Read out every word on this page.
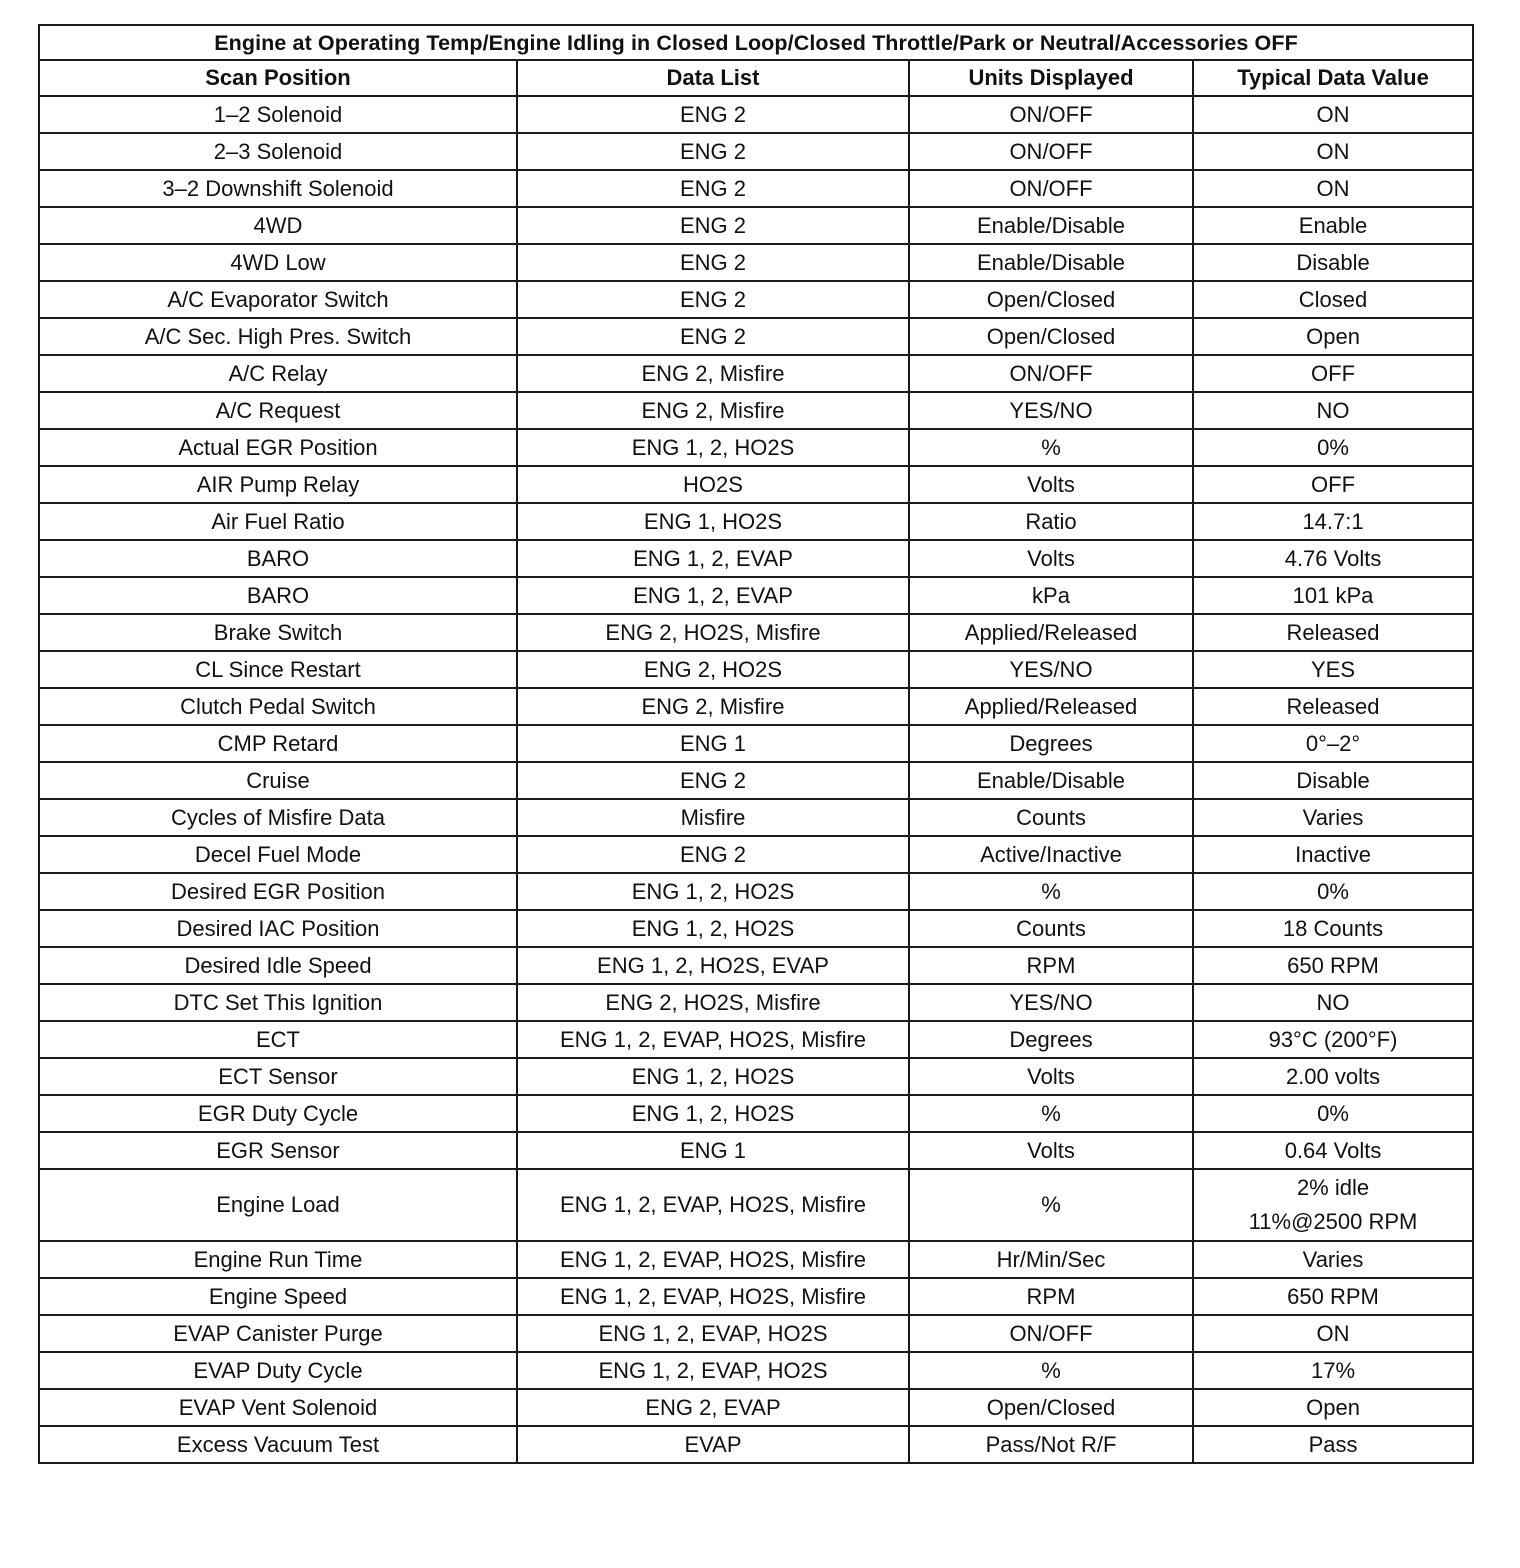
Engine at Operating Temp/Engine Idling in Closed Loop/Closed Throttle/Park or Neutral/Accessories OFF			
Scan Position	Data List	Units Displayed	Typical Data Value
1–2 Solenoid	ENG 2	ON/OFF	ON
2–3 Solenoid	ENG 2	ON/OFF	ON
3–2 Downshift Solenoid	ENG 2	ON/OFF	ON
4WD	ENG 2	Enable/Disable	Enable
4WD Low	ENG 2	Enable/Disable	Disable
A/C Evaporator Switch	ENG 2	Open/Closed	Closed
A/C Sec. High Pres. Switch	ENG 2	Open/Closed	Open
A/C Relay	ENG 2, Misfire	ON/OFF	OFF
A/C Request	ENG 2, Misfire	YES/NO	NO
Actual EGR Position	ENG 1, 2, HO2S	%	0%
AIR Pump Relay	HO2S	Volts	OFF
Air Fuel Ratio	ENG 1, HO2S	Ratio	14.7:1
BARO	ENG 1, 2, EVAP	Volts	4.76 Volts
BARO	ENG 1, 2, EVAP	kPa	101 kPa
Brake Switch	ENG 2, HO2S, Misfire	Applied/Released	Released
CL Since Restart	ENG 2, HO2S	YES/NO	YES
Clutch Pedal Switch	ENG 2, Misfire	Applied/Released	Released
CMP Retard	ENG 1	Degrees	0°–2°
Cruise	ENG 2	Enable/Disable	Disable
Cycles of Misfire Data	Misfire	Counts	Varies
Decel Fuel Mode	ENG 2	Active/Inactive	Inactive
Desired EGR Position	ENG 1, 2, HO2S	%	0%
Desired IAC Position	ENG 1, 2, HO2S	Counts	18 Counts
Desired Idle Speed	ENG 1, 2, HO2S, EVAP	RPM	650 RPM
DTC Set This Ignition	ENG 2, HO2S, Misfire	YES/NO	NO
ECT	ENG 1, 2, EVAP, HO2S, Misfire	Degrees	93°C (200°F)
ECT Sensor	ENG 1, 2, HO2S	Volts	2.00 volts
EGR Duty Cycle	ENG 1, 2, HO2S	%	0%
EGR Sensor	ENG 1	Volts	0.64 Volts
Engine Load	ENG 1, 2, EVAP, HO2S, Misfire	%	2% idle
11%@2500 RPM

Engine Run Time	ENG 1, 2, EVAP, HO2S, Misfire	Hr/Min/Sec	Varies
Engine Speed	ENG 1, 2, EVAP, HO2S, Misfire	RPM	650 RPM
EVAP Canister Purge	ENG 1, 2, EVAP, HO2S	ON/OFF	ON
EVAP Duty Cycle	ENG 1, 2, EVAP, HO2S	%	17%
EVAP Vent Solenoid	ENG 2, EVAP	Open/Closed	Open
Excess Vacuum Test	EVAP	Pass/Not R/F	Pass
